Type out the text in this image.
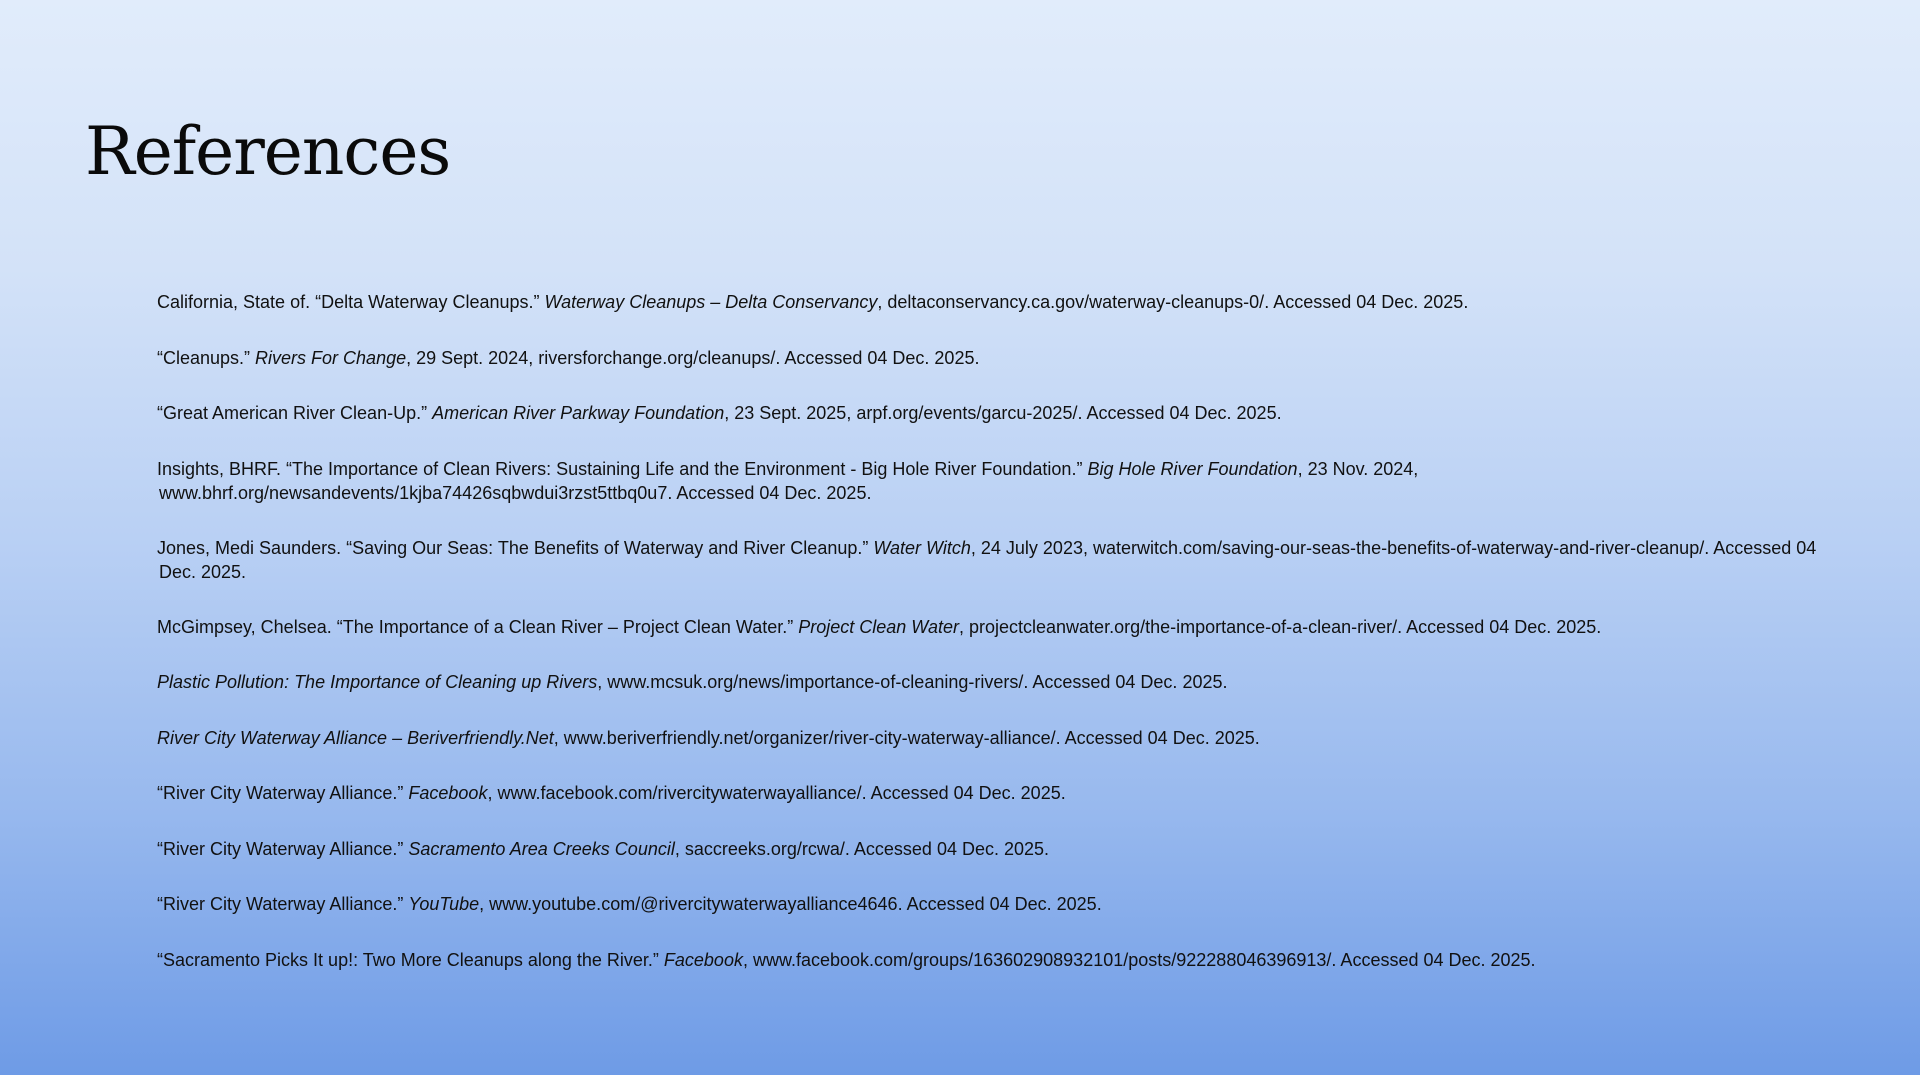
References
California, State of. “Delta Waterway Cleanups.” Waterway Cleanups – Delta Conservancy, deltaconservancy.ca.gov/waterway-cleanups-0/. Accessed 04 Dec. 2025.
“Cleanups.” Rivers For Change, 29 Sept. 2024, riversforchange.org/cleanups/. Accessed 04 Dec. 2025.
“Great American River Clean-Up.” American River Parkway Foundation, 23 Sept. 2025, arpf.org/events/garcu-2025/. Accessed 04 Dec. 2025.
Insights, BHRF. “The Importance of Clean Rivers: Sustaining Life and the Environment - Big Hole River Foundation.” Big Hole River Foundation, 23 Nov. 2024, www.bhrf.org/newsandevents/1kjba74426sqbwdui3rzst5ttbq0u7. Accessed 04 Dec. 2025.
Jones, Medi Saunders. “Saving Our Seas: The Benefits of Waterway and River Cleanup.” Water Witch, 24 July 2023, waterwitch.com/saving-our-seas-the-benefits-of-waterway-and-river-cleanup/. Accessed 04 Dec. 2025.
McGimpsey, Chelsea. “The Importance of a Clean River – Project Clean Water.” Project Clean Water, projectcleanwater.org/the-importance-of-a-clean-river/. Accessed 04 Dec. 2025.
Plastic Pollution: The Importance of Cleaning up Rivers, www.mcsuk.org/news/importance-of-cleaning-rivers/. Accessed 04 Dec. 2025.
River City Waterway Alliance – Beriverfriendly.Net, www.beriverfriendly.net/organizer/river-city-waterway-alliance/. Accessed 04 Dec. 2025.
“River City Waterway Alliance.” Facebook, www.facebook.com/rivercitywaterwayalliance/. Accessed 04 Dec. 2025.
“River City Waterway Alliance.” Sacramento Area Creeks Council, saccreeks.org/rcwa/. Accessed 04 Dec. 2025.
“River City Waterway Alliance.” YouTube, www.youtube.com/@rivercitywaterwayalliance4646. Accessed 04 Dec. 2025.
“Sacramento Picks It up!: Two More Cleanups along the River.” Facebook, www.facebook.com/groups/163602908932101/posts/922288046396913/. Accessed 04 Dec. 2025.
